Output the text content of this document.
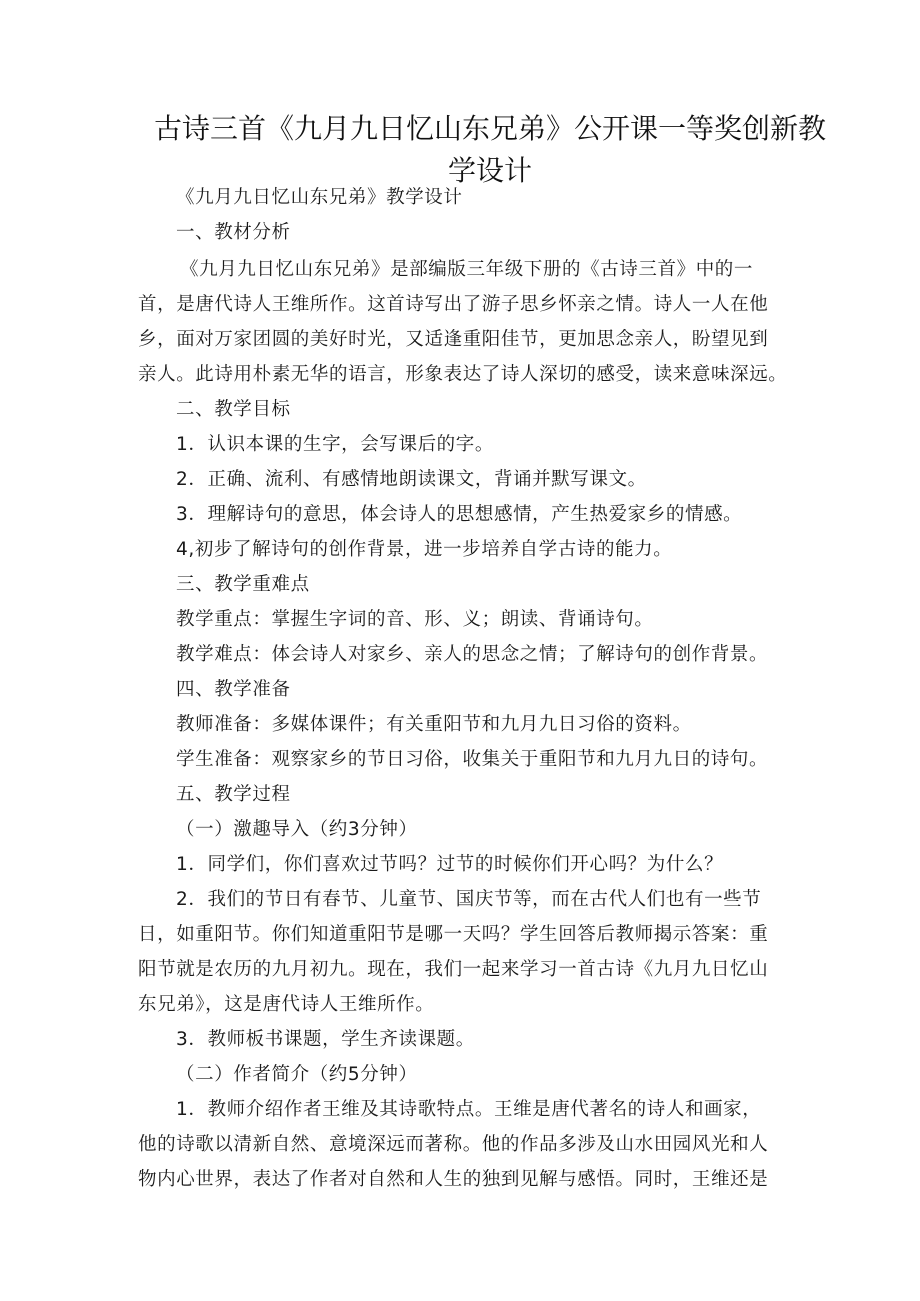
古诗三首《九月九日忆山东兄弟》公开课一等奖创新教
学设计
《九月九日忆山东兄弟》教学设计
一、教材分析
《九月九日忆山东兄弟》是部编版三年级下册的《古诗三首》中的一
首，是唐代诗人王维所作。这首诗写出了游子思乡怀亲之情。诗人一人在他
乡，面对万家团圆的美好时光，又适逢重阳佳节，更加思念亲人，盼望见到
亲人。此诗用朴素无华的语言，形象表达了诗人深切的感受，读来意味深远。
二、教学目标
1．认识本课的生字，会写课后的字。
2．正确、流利、有感情地朗读课文，背诵并默写课文。
3．理解诗句的意思，体会诗人的思想感情，产生热爱家乡的情感。
4,初步了解诗句的创作背景，进一步培养自学古诗的能力。
三、教学重难点
教学重点：掌握生字词的音、形、义；朗读、背诵诗句。
教学难点：体会诗人对家乡、亲人的思念之情；了解诗句的创作背景。
四、教学准备
教师准备：多媒体课件；有关重阳节和九月九日习俗的资料。
学生准备：观察家乡的节日习俗，收集关于重阳节和九月九日的诗句。
五、教学过程
（一）激趣导入（约3分钟）
1．同学们，你们喜欢过节吗？过节的时候你们开心吗？为什么？
2．我们的节日有春节、儿童节、国庆节等，而在古代人们也有一些节
日，如重阳节。你们知道重阳节是哪一天吗？学生回答后教师揭示答案：重
阳节就是农历的九月初九。现在，我们一起来学习一首古诗《九月九日忆山
东兄弟》，这是唐代诗人王维所作。
3．教师板书课题，学生齐读课题。
（二）作者简介（约5分钟）
1．教师介绍作者王维及其诗歌特点。王维是唐代著名的诗人和画家，
他的诗歌以清新自然、意境深远而著称。他的作品多涉及山水田园风光和人
物内心世界，表达了作者对自然和人生的独到见解与感悟。同时，王维还是
